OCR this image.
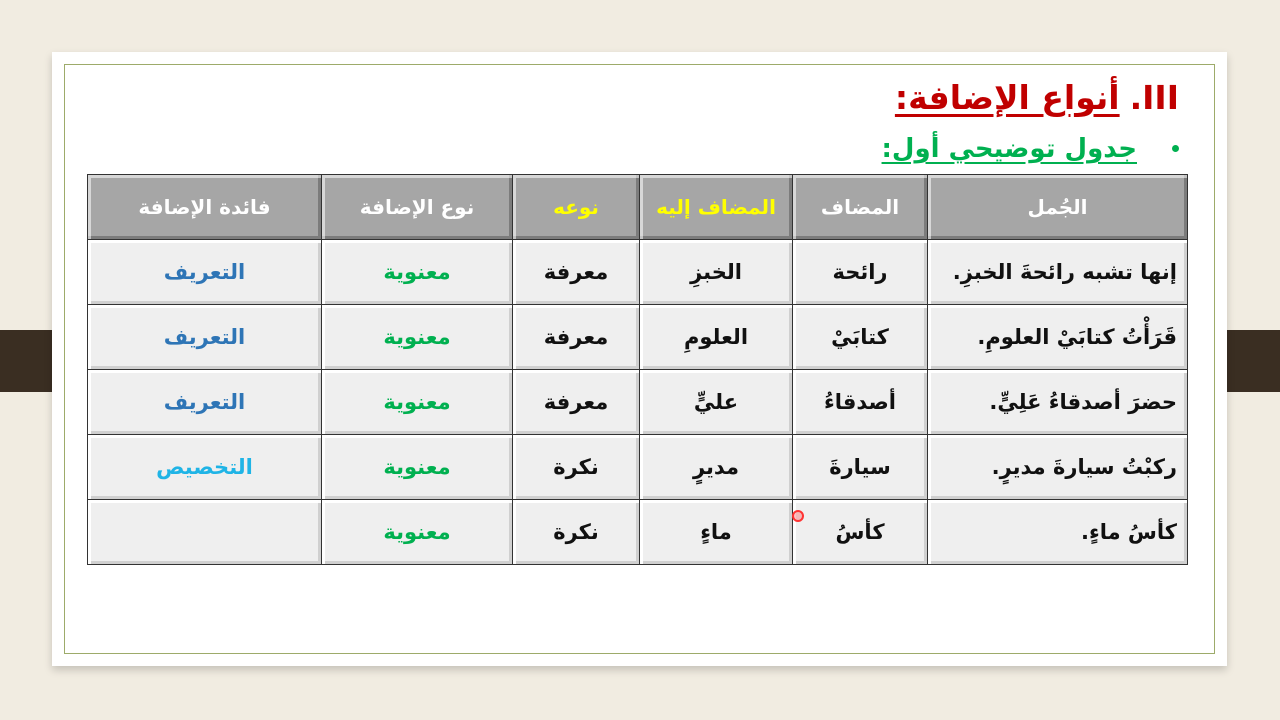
III.أنواع الإضافة:
جدول توضيحي أول:
الجُمل	المضاف	المضاف إليه	نوعه	نوع الإضافة	فائدة الإضافة
إنها تشبه رائحةَ الخبزِ.	رائحة	الخبزِ	معرفة	معنوية	التعريف
قَرَأْتُ كتابَيْ العلومِ.	كتابَيْ	العلومِ	معرفة	معنوية	التعريف
حضرَ أصدقاءُ عَلِيٍّ.	أصدقاءُ	عليٍّ	معرفة	معنوية	التعريف
ركبْتُ سيارةَ مديرٍ.	سيارةَ	مديرٍ	نكرة	معنوية	التخصيص
كأسُ ماءٍ.	كأسُ	ماءٍ	نكرة	معنوية	
